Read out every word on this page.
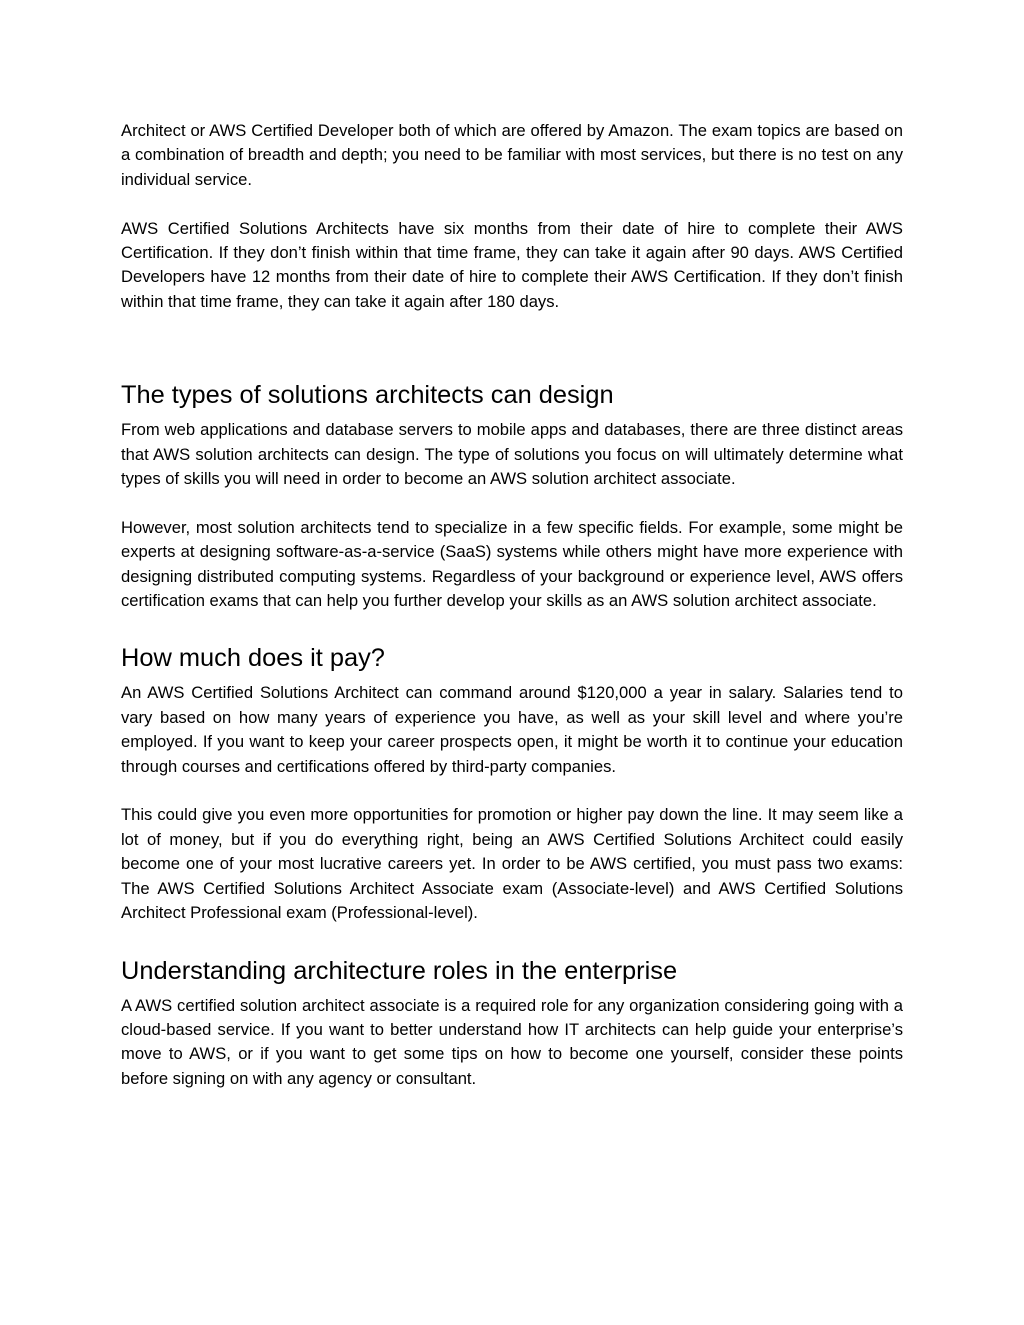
Architect or AWS Certified Developer both of which are offered by Amazon. The exam topics are based on a combination of breadth and depth; you need to be familiar with most services, but there is no test on any individual service.

AWS Certified Solutions Architects have six months from their date of hire to complete their AWS Certification. If they don’t finish within that time frame, they can take it again after 90 days. AWS Certified Developers have 12 months from their date of hire to complete their AWS Certification. If they don’t finish within that time frame, they can take it again after 180 days.

The types of solutions architects can design

From web applications and database servers to mobile apps and databases, there are three distinct areas that AWS solution architects can design. The type of solutions you focus on will ultimately determine what types of skills you will need in order to become an AWS solution architect associate.

However, most solution architects tend to specialize in a few specific fields. For example, some might be experts at designing software-as-a-service (SaaS) systems while others might have more experience with designing distributed computing systems. Regardless of your background or experience level, AWS offers certification exams that can help you further develop your skills as an AWS solution architect associate.

How much does it pay?

An AWS Certified Solutions Architect can command around $120,000 a year in salary. Salaries tend to vary based on how many years of experience you have, as well as your skill level and where you’re employed. If you want to keep your career prospects open, it might be worth it to continue your education through courses and certifications offered by third-party companies.

This could give you even more opportunities for promotion or higher pay down the line. It may seem like a lot of money, but if you do everything right, being an AWS Certified Solutions Architect could easily become one of your most lucrative careers yet. In order to be AWS certified, you must pass two exams: The AWS Certified Solutions Architect Associate exam (Associate-level) and AWS Certified Solutions Architect Professional exam (Professional-level).

Understanding architecture roles in the enterprise

A AWS certified solution architect associate is a required role for any organization considering going with a cloud-based service. If you want to better understand how IT architects can help guide your enterprise’s move to AWS, or if you want to get some tips on how to become one yourself, consider these points before signing on with any agency or consultant.
